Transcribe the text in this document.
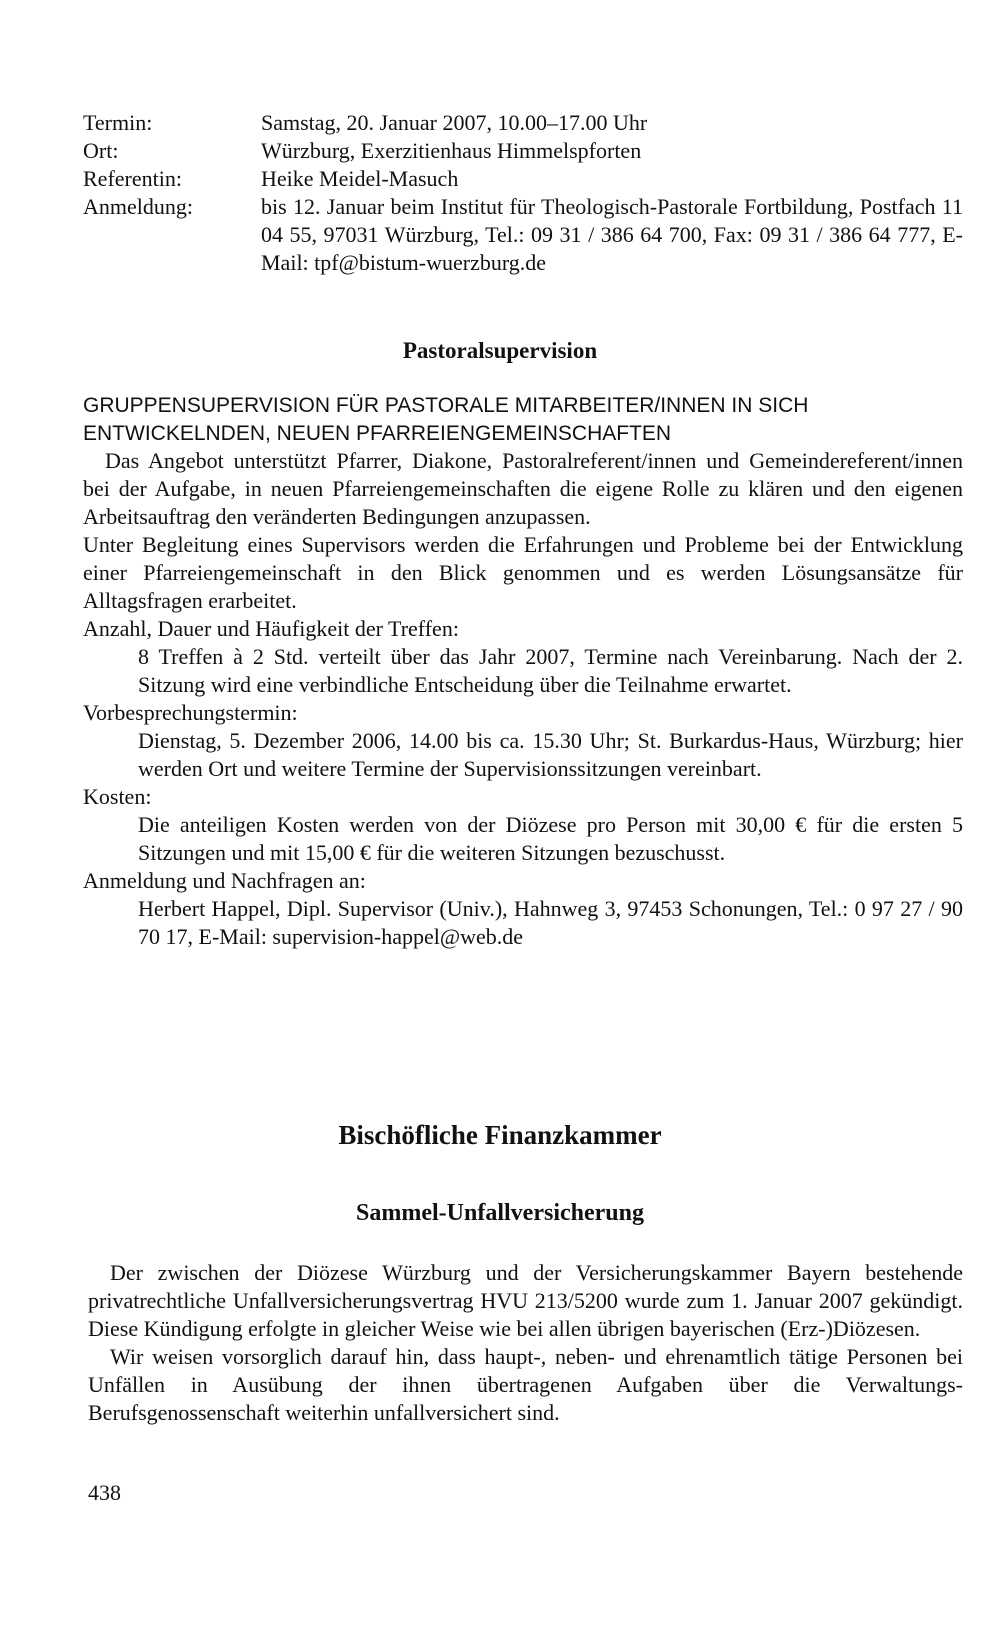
Termin:	Samstag, 20. Januar 2007, 10.00–17.00 Uhr
Ort:	Würzburg, Exerzitienhaus Himmelspforten
Referentin:	Heike Meidel-Masuch
Anmeldung:	bis 12. Januar beim Institut für Theologisch-Pastorale Fortbildung, Postfach 11 04 55, 97031 Würzburg, Tel.: 09 31 / 386 64 700, Fax: 09 31 / 386 64 777, E-Mail: tpf@bistum-wuerzburg.de
Pastoralsupervision
GRUPPENSUPERVISION FÜR PASTORALE MITARBEITER/INNEN IN SICH ENTWICKELNDEN, NEUEN PFARREIENGEMEINSCHAFTEN

Das Angebot unterstützt Pfarrer, Diakone, Pastoralreferent/innen und Gemeindereferent/innen bei der Aufgabe, in neuen Pfarreiengemeinschaften die eigene Rolle zu klären und den eigenen Arbeitsauftrag den veränderten Bedingungen anzupassen.

Unter Begleitung eines Supervisors werden die Erfahrungen und Probleme bei der Entwicklung einer Pfarreiengemeinschaft in den Blick genommen und es werden Lösungsansätze für Alltagsfragen erarbeitet.

Anzahl, Dauer und Häufigkeit der Treffen:

8 Treffen à 2 Std. verteilt über das Jahr 2007, Termine nach Vereinbarung. Nach der 2. Sitzung wird eine verbindliche Entscheidung über die Teilnahme erwartet.

Vorbesprechungstermin:

Dienstag, 5. Dezember 2006, 14.00 bis ca. 15.30 Uhr; St. Burkardus-Haus, Würzburg; hier werden Ort und weitere Termine der Supervisionssitzungen vereinbart.

Kosten:

Die anteiligen Kosten werden von der Diözese pro Person mit 30,00 € für die ersten 5 Sitzungen und mit 15,00 € für die weiteren Sitzungen bezuschusst.

Anmeldung und Nachfragen an:

Herbert Happel, Dipl. Supervisor (Univ.), Hahnweg 3, 97453 Schonungen, Tel.: 0 97 27 / 90 70 17, E-Mail: supervision-happel@web.de

Bischöfliche Finanzkammer
Sammel-Unfallversicherung

Der zwischen der Diözese Würzburg und der Versicherungskammer Bayern bestehende privatrechtliche Unfallversicherungsvertrag HVU 213/5200 wurde zum 1. Januar 2007 gekündigt. Diese Kündigung erfolgte in gleicher Weise wie bei allen übrigen bayerischen (Erz-)Diözesen.

Wir weisen vorsorglich darauf hin, dass haupt-, neben- und ehrenamtlich tätige Personen bei Unfällen in Ausübung der ihnen übertragenen Aufgaben über die Verwaltungs-Berufsgenossenschaft weiterhin unfallversichert sind.

438
